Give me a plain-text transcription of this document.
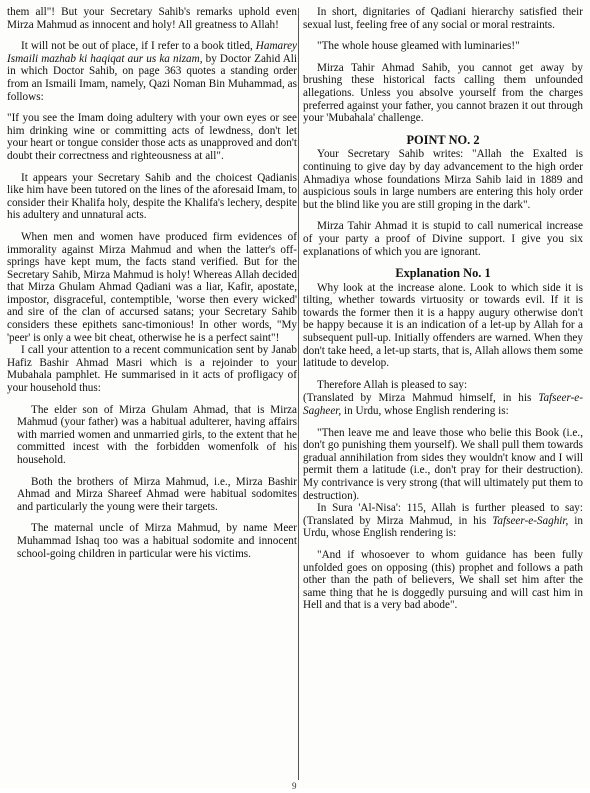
them all"! But your Secretary Sahib's remarks uphold even Mirza Mahmud as innocent and holy! All greatness to Allah!

It will not be out of place, if I refer to a book titled, Hamarey Ismaili mazhab ki haqiqat aur us ka nizam, by Doctor Zahid Ali in which Doctor Sahib, on page 363 quotes a standing order from an Ismaili Imam, namely, Qazi Noman Bin Muhammad, as follows:

"If you see the Imam doing adultery with your own eyes or see him drinking wine or committing acts of lewdness, don't let your heart or tongue consider those acts as unapproved and don't doubt their correctness and righteousness at all".

It appears your Secretary Sahib and the choicest Qadianis like him have been tutored on the lines of the aforesaid Imam, to consider their Khalifa holy, despite the Khalifa's lechery, despite his adultery and unnatural acts.

When men and women have produced firm evidences of immorality against Mirza Mahmud and when the latter's off-springs have kept mum, the facts stand verified. But for the Secretary Sahib, Mirza Mahmud is holy! Whereas Allah decided that Mirza Ghulam Ahmad Qadiani was a liar, Kafir, apostate, impostor, disgraceful, contemptible, 'worse then every wicked' and sire of the clan of accursed satans; your Secretary Sahib considers these epithets sanc-timonious! In other words, "My 'peer' is only a wee bit cheat, otherwise he is a perfect saint"!

I call your attention to a recent communication sent by Janab Hafiz Bashir Ahmad Masri which is a rejoinder to your Mubahala pamphlet. He summarised in it acts of profligacy of your household thus:

The elder son of Mirza Ghulam Ahmad, that is Mirza Mahmud (your father) was a habitual adulterer, having affairs with married women and unmarried girls, to the extent that he committed incest with the forbidden womenfolk of his household.

Both the brothers of Mirza Mahmud, i.e., Mirza Bashir Ahmad and Mirza Shareef Ahmad were habitual sodomites and particularly the young were their targets.

The maternal uncle of Mirza Mahmud, by name Meer Muhammad Ishaq too was a habitual sodomite and innocent school-going children in particular were his victims.

In short, dignitaries of Qadiani hierarchy satisfied their sexual lust, feeling free of any social or moral restraints.

"The whole house gleamed with luminaries!"

Mirza Tahir Ahmad Sahib, you cannot get away by brushing these historical facts calling them unfounded allegations. Unless you absolve yourself from the charges preferred against your father, you cannot brazen it out through your 'Mubahala' challenge.

POINT NO. 2

Your Secretary Sahib writes: "Allah the Exalted is continuing to give day by day advancement to the high order Ahmadiya whose foundations Mirza Sahib laid in 1889 and auspicious souls in large numbers are entering this holy order but the blind like you are still groping in the dark".

Mirza Tahir Ahmad it is stupid to call numerical increase of your party a proof of Divine support. I give you six explanations of which you are ignorant.

Explanation No. 1

Why look at the increase alone. Look to which side it is tilting, whether towards virtuosity or towards evil. If it is towards the former then it is a happy augury otherwise don't be happy because it is an indication of a let-up by Allah for a subsequent pull-up. Initially offenders are warned. When they don't take heed, a let-up starts, that is, Allah allows them some latitude to develop.

Therefore Allah is pleased to say:

(Translated by Mirza Mahmud himself, in his Tafseer-e-Sagheer, in Urdu, whose English rendering is:

"Then leave me and leave those who belie this Book (i.e., don't go punishing them yourself). We shall pull them towards gradual annihilation from sides they wouldn't know and I will permit them a latitude (i.e., don't pray for their destruction). My contrivance is very strong (that will ultimately put them to destruction).

In Sura 'Al-Nisa': 115, Allah is further pleased to say: (Translated by Mirza Mahmud, in his Tafseer-e-Saghir, in Urdu, whose English rendering is:

"And if whosoever to whom guidance has been fully unfolded goes on opposing (this) prophet and follows a path other than the path of believers, We shall set him after the same thing that he is doggedly pursuing and will cast him in Hell and that is a very bad abode".

9
